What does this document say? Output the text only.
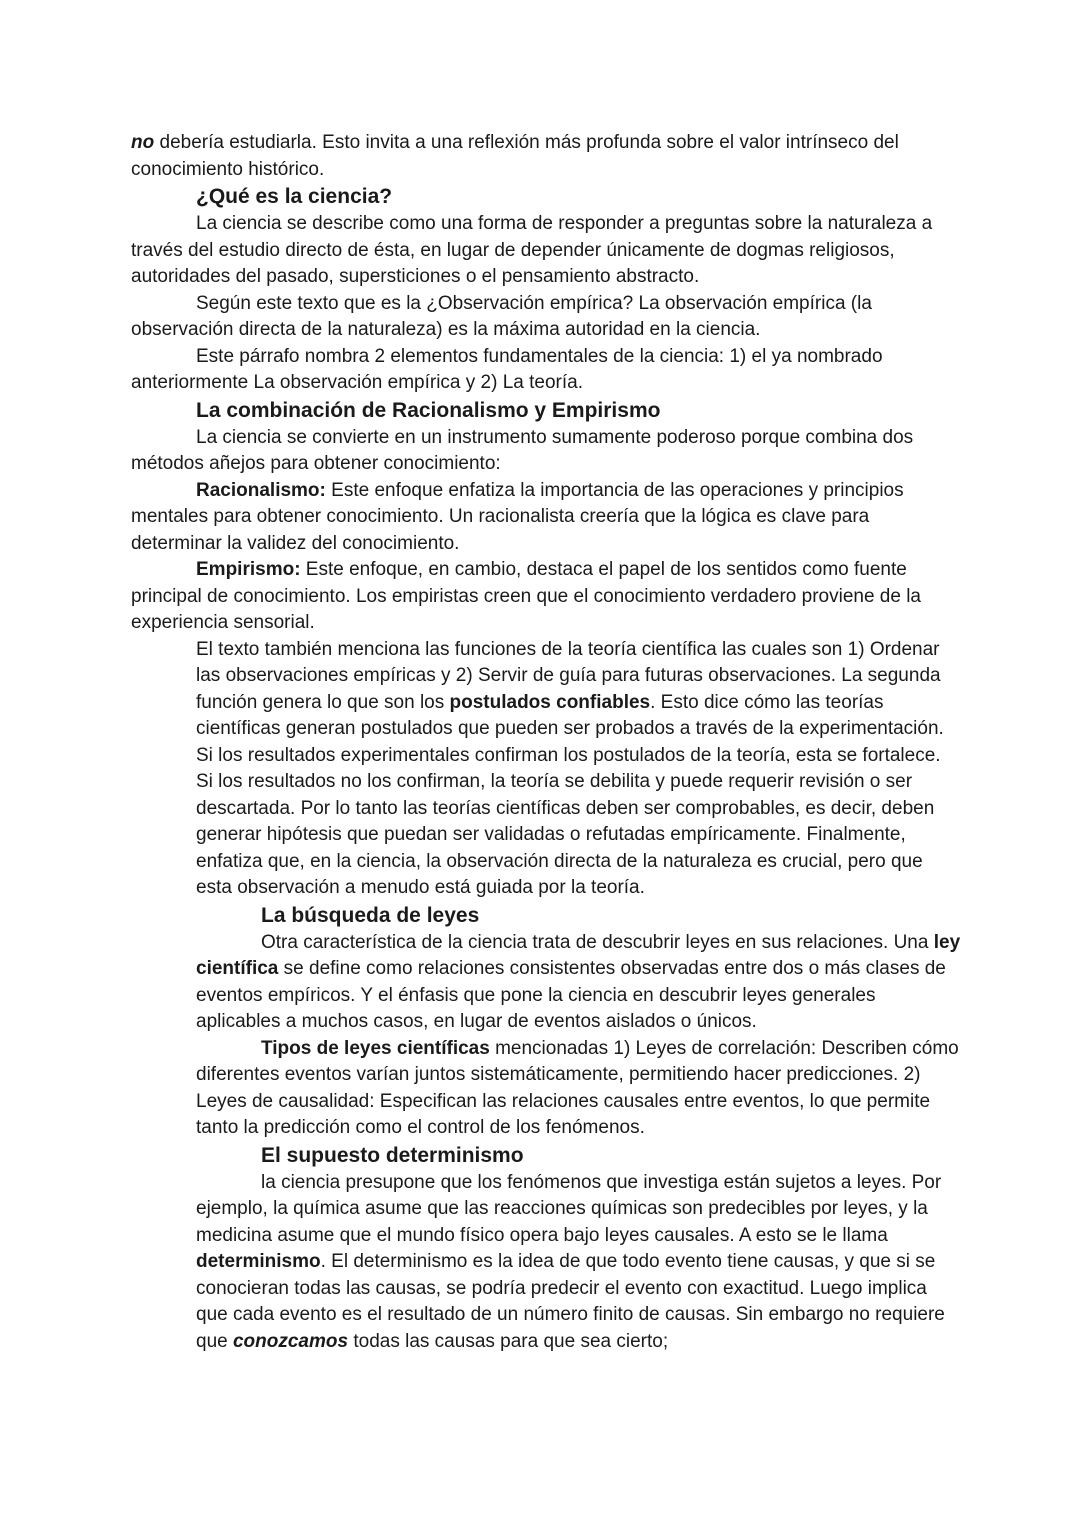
no debería estudiarla. Esto invita a una reflexión más profunda sobre el valor intrínseco del conocimiento histórico.

¿Qué es la ciencia?

La ciencia se describe como una forma de responder a preguntas sobre la naturaleza a través del estudio directo de ésta, en lugar de depender únicamente de dogmas religiosos, autoridades del pasado, supersticiones o el pensamiento abstracto.

Según este texto que es la ¿Observación empírica? La observación empírica (la observación directa de la naturaleza) es la máxima autoridad en la ciencia.

Este párrafo nombra 2 elementos fundamentales de la ciencia: 1) el ya nombrado anteriormente La observación empírica y 2) La teoría.

La combinación de Racionalismo y Empirismo

La ciencia se convierte en un instrumento sumamente poderoso porque combina dos métodos añejos para obtener conocimiento:

Racionalismo: Este enfoque enfatiza la importancia de las operaciones y principios mentales para obtener conocimiento. Un racionalista creería que la lógica es clave para determinar la validez del conocimiento.

Empirismo: Este enfoque, en cambio, destaca el papel de los sentidos como fuente principal de conocimiento. Los empiristas creen que el conocimiento verdadero proviene de la experiencia sensorial.

El texto también menciona las funciones de la teoría científica las cuales son 1) Ordenar las observaciones empíricas y 2) Servir de guía para futuras observaciones. La segunda función genera lo que son los postulados confiables. Esto dice cómo las teorías científicas generan postulados que pueden ser probados a través de la experimentación. Si los resultados experimentales confirman los postulados de la teoría, esta se fortalece. Si los resultados no los confirman, la teoría se debilita y puede requerir revisión o ser descartada. Por lo tanto las teorías científicas deben ser comprobables, es decir, deben generar hipótesis que puedan ser validadas o refutadas empíricamente. Finalmente, enfatiza que, en la ciencia, la observación directa de la naturaleza es crucial, pero que esta observación a menudo está guiada por la teoría.

La búsqueda de leyes

Otra característica de la ciencia trata de descubrir leyes en sus relaciones. Una ley científica se define como relaciones consistentes observadas entre dos o más clases de eventos empíricos. Y el énfasis que pone la ciencia en descubrir leyes generales aplicables a muchos casos, en lugar de eventos aislados o únicos.

Tipos de leyes científicas mencionadas 1) Leyes de correlación: Describen cómo diferentes eventos varían juntos sistemáticamente, permitiendo hacer predicciones. 2) Leyes de causalidad: Especifican las relaciones causales entre eventos, lo que permite tanto la predicción como el control de los fenómenos.

El supuesto determinismo

la ciencia presupone que los fenómenos que investiga están sujetos a leyes. Por ejemplo, la química asume que las reacciones químicas son predecibles por leyes, y la medicina asume que el mundo físico opera bajo leyes causales. A esto se le llama determinismo. El determinismo es la idea de que todo evento tiene causas, y que si se conocieran todas las causas, se podría predecir el evento con exactitud. Luego implica que cada evento es el resultado de un número finito de causas. Sin embargo no requiere que conozcamos todas las causas para que sea cierto;
